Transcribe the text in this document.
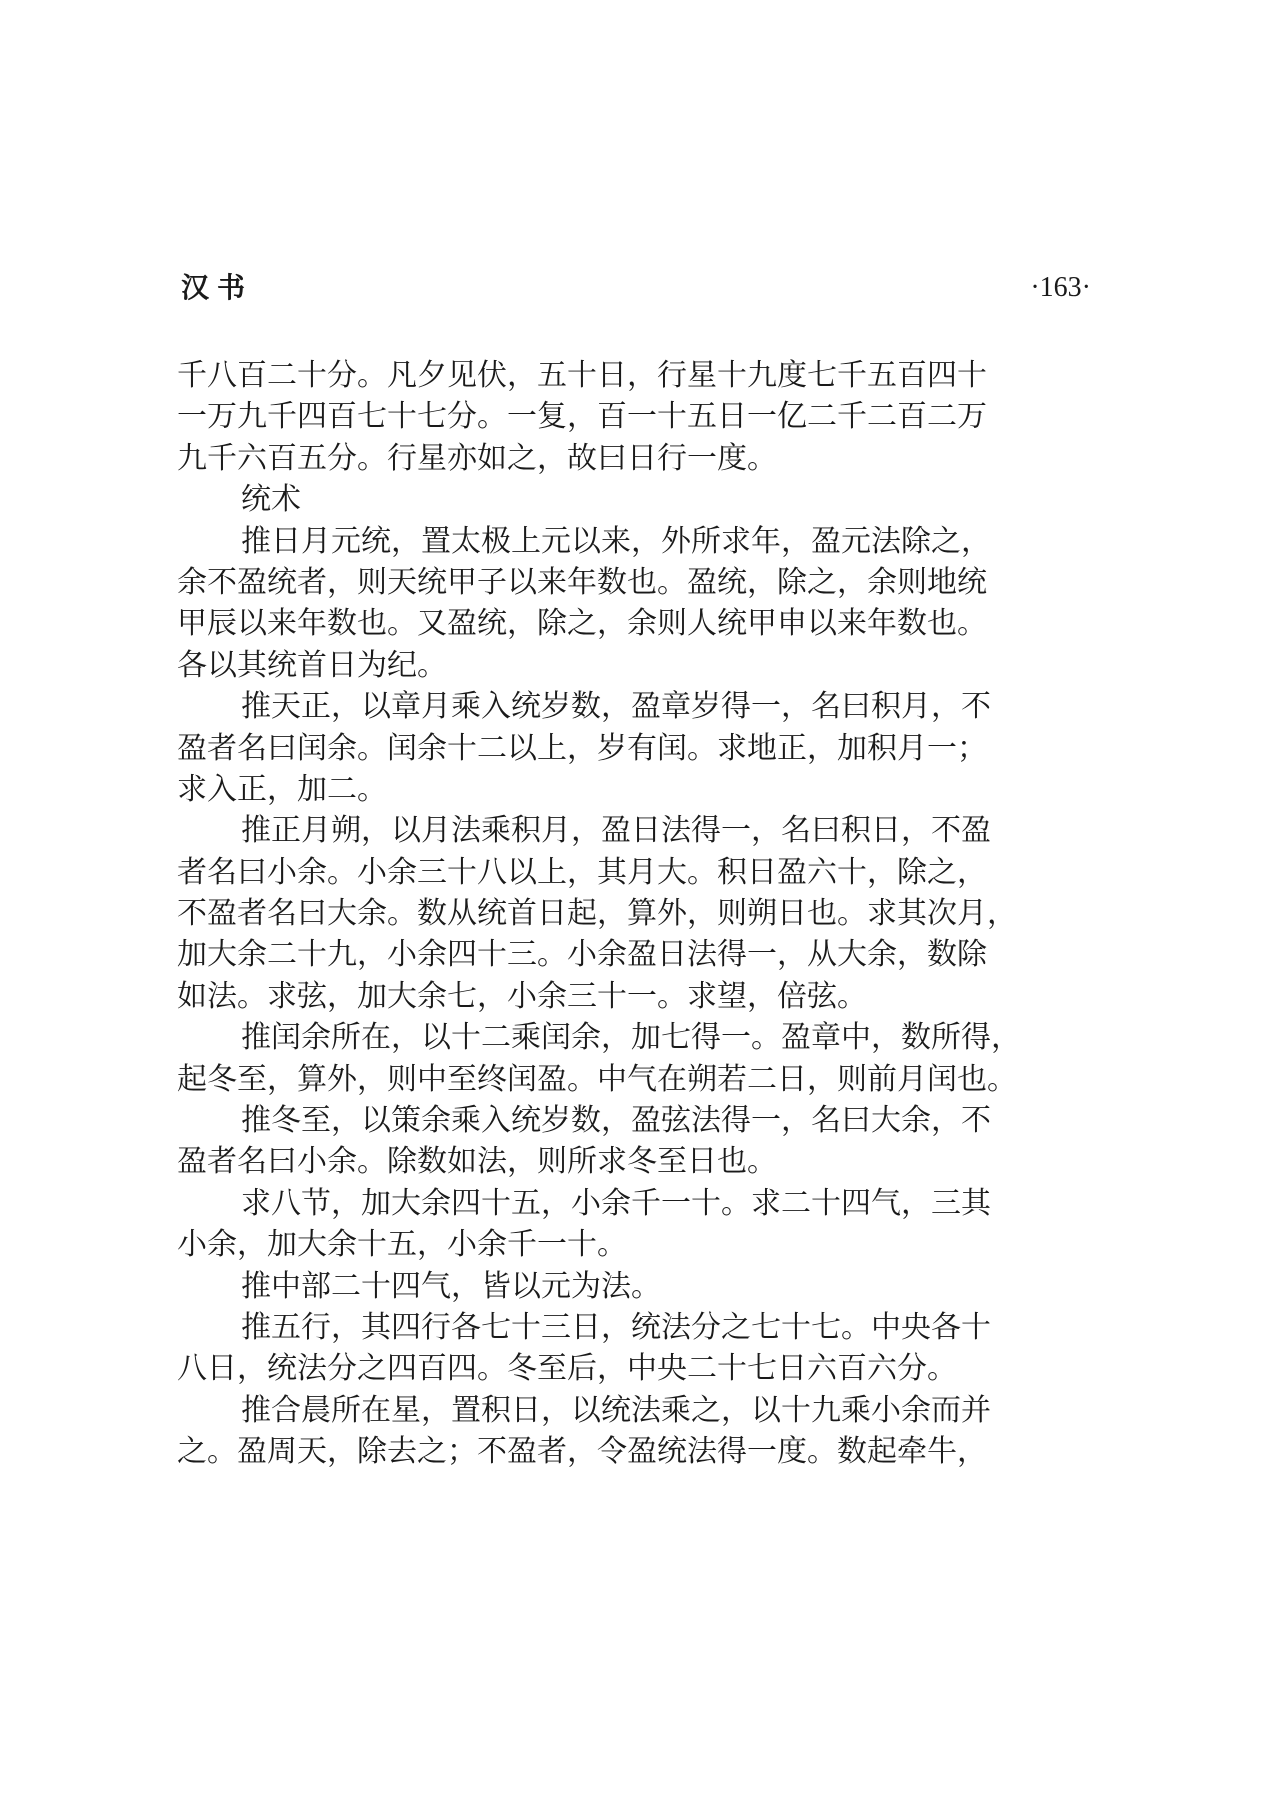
汉书	·163·
千八百二十分。凡夕见伏，五十日，行星十九度七千五百四十
一万九千四百七十七分。一复，百一十五日一亿二千二百二万
九千六百五分。行星亦如之，故曰日行一度。
统术
推日月元统，置太极上元以来，外所求年，盈元法除之，
余不盈统者，则天统甲子以来年数也。盈统，除之，余则地统
甲辰以来年数也。又盈统，除之，余则人统甲申以来年数也。
各以其统首日为纪。
推天正，以章月乘入统岁数，盈章岁得一，名曰积月，不
盈者名曰闰余。闰余十二以上，岁有闰。求地正，加积月一；
求入正，加二。
推正月朔，以月法乘积月，盈日法得一，名曰积日，不盈
者名曰小余。小余三十八以上，其月大。积日盈六十，除之，
不盈者名曰大余。数从统首日起，算外，则朔日也。求其次月，
加大余二十九，小余四十三。小余盈日法得一，从大余，数除
如法。求弦，加大余七，小余三十一。求望，倍弦。
推闰余所在，以十二乘闰余，加七得一。盈章中，数所得，
起冬至，算外，则中至终闰盈。中气在朔若二日，则前月闰也。
推冬至，以策余乘入统岁数，盈弦法得一，名曰大余，不
盈者名曰小余。除数如法，则所求冬至日也。
求八节，加大余四十五，小余千一十。求二十四气，三其
小余，加大余十五，小余千一十。
推中部二十四气，皆以元为法。
推五行，其四行各七十三日，统法分之七十七。中央各十
八日，统法分之四百四。冬至后，中央二十七日六百六分。
推合晨所在星，置积日，以统法乘之，以十九乘小余而并
之。盈周天，除去之；不盈者，令盈统法得一度。数起牵牛，
